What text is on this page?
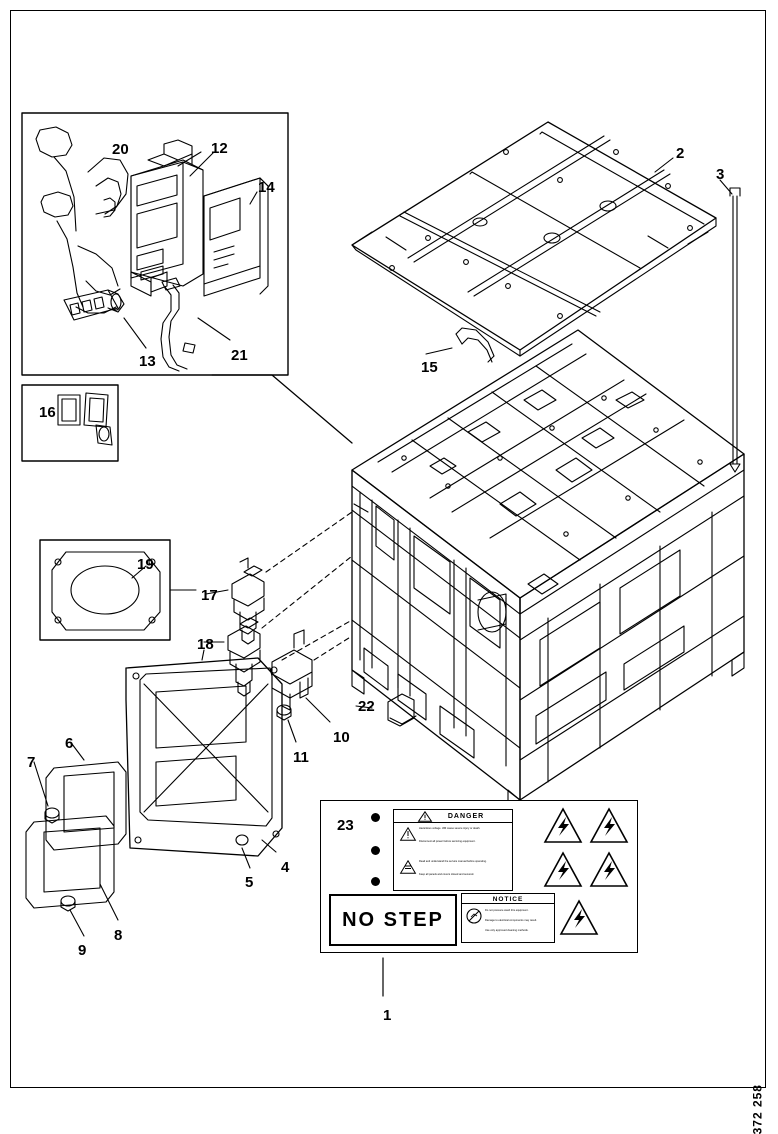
NO STEP
DANGER
Hazardous voltage. Will cause severe injury or death.
Disconnect all power before servicing equipment.
Read and understand the service manual before operating.
Keep all panels and covers closed and secured.
NOTICE
Do not pressure wash this equipment.
Damage to electrical components may result.
Use only approved cleaning methods.
1
2
3
4
5
6
7
8
9
10
11
12
13
14
15
16
17
18
19
20
21
22
23
372 258
